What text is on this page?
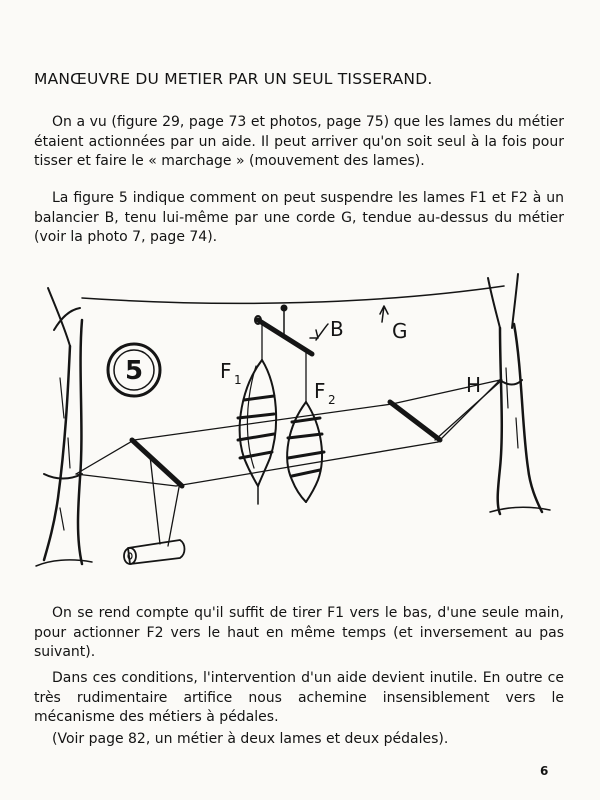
MANŒUVRE DU METIER PAR UN SEUL TISSERAND.

On a vu (figure 29, page 73 et photos, page 75) que les lames du métier étaient actionnées par un aide. Il peut arriver qu'on soit seul à la fois pour tisser et faire le « marchage » (mouvement des lames).

La figure 5 indique comment on peut suspendre les lames F1 et F2 à un balancier B, tenu lui-même par une corde G, tendue au-dessus du métier (voir la photo 7, page 74).

5
B G
F 1	F 2
H

On se rend compte qu'il suffit de tirer F1 vers le bas, d'une seule main, pour actionner F2 vers le haut en même temps (et inversement au pas suivant).

Dans ces conditions, l'intervention d'un aide devient inutile. En outre ce très rudimentaire artifice nous achemine insensiblement vers le mécanisme des métiers à pédales.

(Voir page 82, un métier à deux lames et deux pédales).

6
